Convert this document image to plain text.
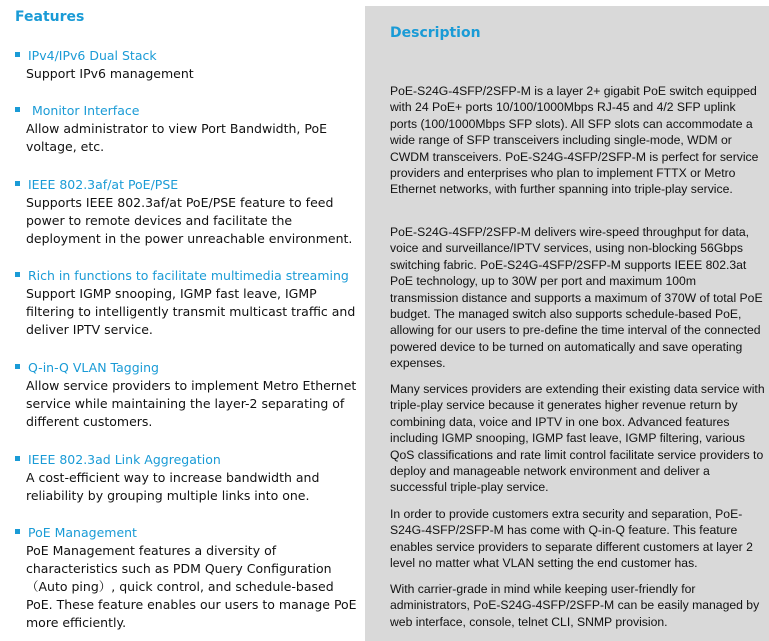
Features
IPv4/IPv6 Dual Stack
Support IPv6 management
Monitor Interface
Allow administrator to view Port Bandwidth, PoE voltage, etc.
IEEE 802.3af/at PoE/PSE
Supports IEEE 802.3af/at PoE/PSE feature to feed power to remote devices and facilitate the deployment in the power unreachable environment.
Rich in functions to facilitate multimedia streaming
Support IGMP snooping, IGMP fast leave, IGMP filtering to intelligently transmit multicast traffic and deliver IPTV service.
Q-in-Q VLAN Tagging
Allow service providers to implement Metro Ethernet service while maintaining the layer-2 separating of different customers.
IEEE 802.3ad Link Aggregation
A cost-efficient way to increase bandwidth and reliability by grouping multiple links into one.
PoE Management
PoE Management features a diversity of characteristics such as PDM Query Configuration （Auto ping）, quick control, and schedule-based PoE. These feature enables our users to manage PoE more efficiently.
Description
PoE-S24G-4SFP/2SFP-M is a layer 2+ gigabit PoE switch equipped with 24 PoE+ ports 10/100/1000Mbps RJ-45 and 4/2 SFP uplink ports (100/1000Mbps SFP slots). All SFP slots can accommodate a wide range of SFP transceivers including single-mode, WDM or CWDM transceivers. PoE-S24G-4SFP/2SFP-M is perfect for service providers and enterprises who plan to implement FTTX or Metro Ethernet networks, with further spanning into triple-play service.
PoE-S24G-4SFP/2SFP-M delivers wire-speed throughput for data, voice and surveillance/IPTV services, using non-blocking 56Gbps switching fabric. PoE-S24G-4SFP/2SFP-M supports IEEE 802.3at PoE technology, up to 30W per port and maximum 100m transmission distance and supports a maximum of 370W of total PoE budget. The managed switch also supports schedule-based PoE, allowing for our users to pre-define the time interval of the connected powered device to be turned on automatically and save operating expenses.
Many services providers are extending their existing data service with triple-play service because it generates higher revenue return by combining data, voice and IPTV in one box. Advanced features including IGMP snooping, IGMP fast leave, IGMP filtering, various QoS classifications and rate limit control facilitate service providers to deploy and manageable network environment and deliver a successful triple-play service.
In order to provide customers extra security and separation, PoE-S24G-4SFP/2SFP-M has come with Q-in-Q feature. This feature enables service providers to separate different customers at layer 2 level no matter what VLAN setting the end customer has.
With carrier-grade in mind while keeping user-friendly for administrators, PoE-S24G-4SFP/2SFP-M can be easily managed by web interface, console, telnet CLI, SNMP provision.
